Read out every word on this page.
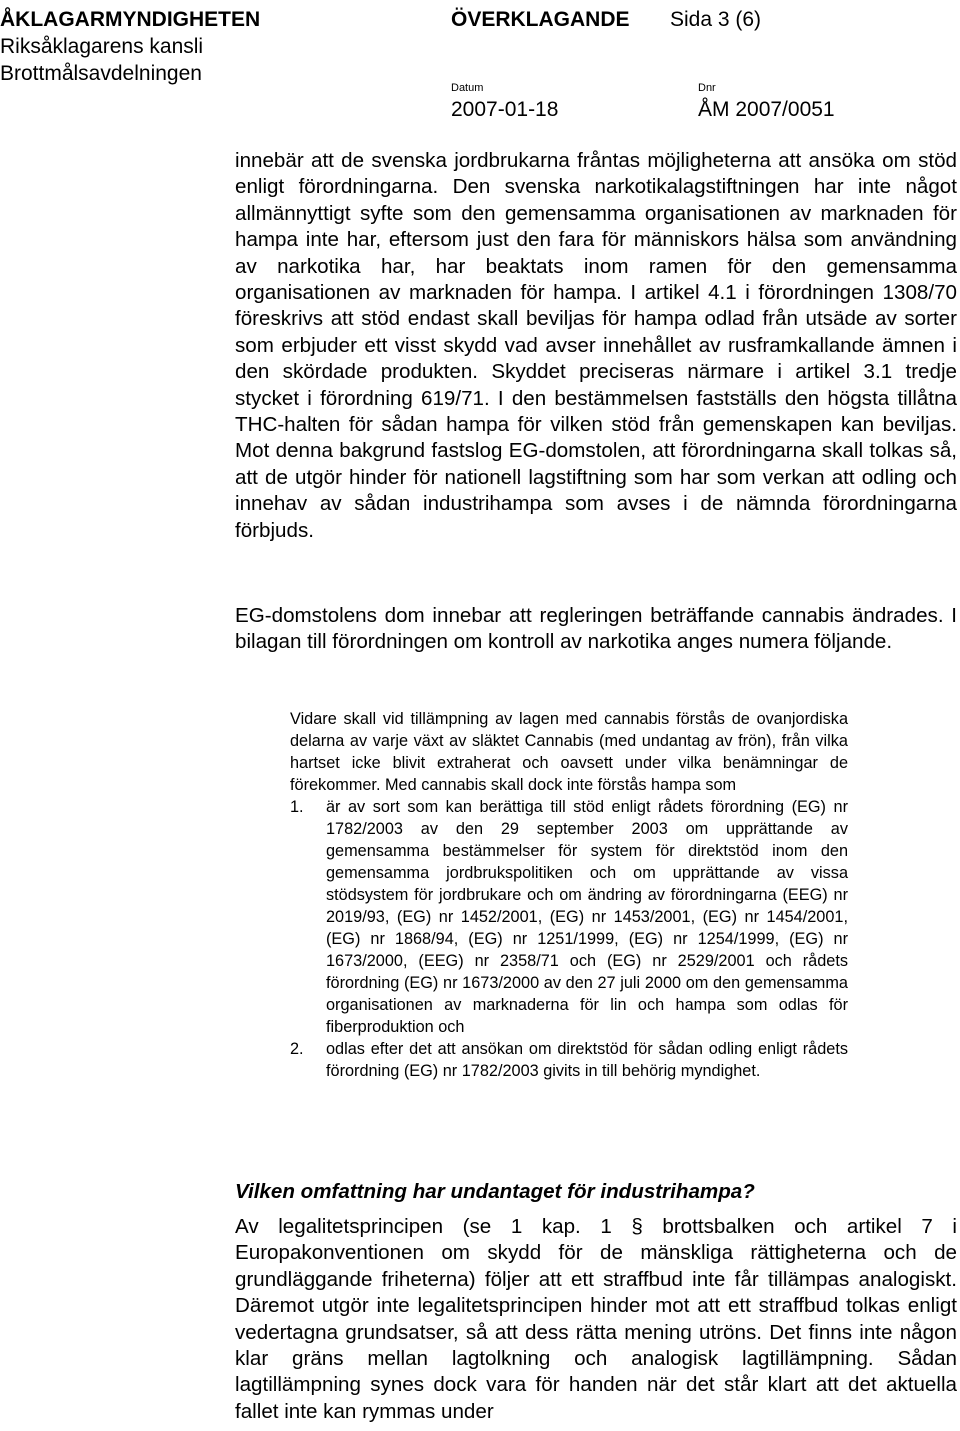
ÅKLAGARMYNDIGHETEN
Riksåklagarens kansli
Brottmålsavdelningen
ÖVERKLAGANDE Sida 3 (6)
Datum	Dnr
2007-01-18	ÅM 2007/0051

innebär att de svenska jordbrukarna fråntas möjligheterna att ansöka om stöd enligt förordningarna. Den svenska narkotikalagstiftningen har inte något allmännyttigt syfte som den gemensamma organisationen av marknaden för hampa inte har, eftersom just den fara för människors hälsa som användning av narkotika har, har beaktats inom ramen för den gemensamma organisationen av marknaden för hampa. I artikel 4.1 i förordningen 1308/70 föreskrivs att stöd endast skall beviljas för hampa odlad från utsäde av sorter som erbjuder ett visst skydd vad avser innehållet av rusframkallande ämnen i den skördade produkten. Skyddet preciseras närmare i artikel 3.1 tredje stycket i förordning 619/71. I den bestämmelsen fastställs den högsta tillåtna THC-halten för sådan hampa för vilken stöd från gemenskapen kan beviljas. Mot denna bakgrund fastslog EG-domstolen, att förordningarna skall tolkas så, att de utgör hinder för nationell lagstiftning som har som verkan att odling och innehav av sådan industrihampa som avses i de nämnda förordningarna förbjuds.

EG-domstolens dom innebar att regleringen beträffande cannabis ändrades. I bilagan till förordningen om kontroll av narkotika anges numera följande.

Vidare skall vid tillämpning av lagen med cannabis förstås de ovanjordiska delarna av varje växt av släktet Cannabis (med undantag av frön), från vilka hartset icke blivit extraherat och oavsett under vilka benämningar de förekommer. Med cannabis skall dock inte förstås hampa som

1. är av sort som kan berättiga till stöd enligt rådets förordning (EG) nr 1782/2003 av den 29 september 2003 om upprättande av gemensamma bestämmelser för system för direktstöd inom den gemensamma jordbrukspolitiken och om upprättande av vissa stödsystem för jordbrukare och om ändring av förordningarna (EEG) nr 2019/93, (EG) nr 1452/2001, (EG) nr 1453/2001, (EG) nr 1454/2001, (EG) nr 1868/94, (EG) nr 1251/1999, (EG) nr 1254/1999, (EG) nr 1673/2000, (EEG) nr 2358/71 och (EG) nr 2529/2001 och rådets förordning (EG) nr 1673/2000 av den 27 juli 2000 om den gemensamma organisationen av marknaderna för lin och hampa som odlas för fiberproduktion och

2. odlas efter det att ansökan om direktstöd för sådan odling enligt rådets förordning (EG) nr 1782/2003 givits in till behörig myndighet.

Vilken omfattning har undantaget för industrihampa?

Av legalitetsprincipen (se 1 kap. 1 § brottsbalken och artikel 7 i Europakonventionen om skydd för de mänskliga rättigheterna och de grundläggande friheterna) följer att ett straffbud inte får tillämpas analogiskt. Däremot utgör inte legalitetsprincipen hinder mot att ett straffbud tolkas enligt vedertagna grundsatser, så att dess rätta mening utröns. Det finns inte någon klar gräns mellan lagtolkning och analogisk lagtillämpning. Sådan lagtillämpning synes dock vara för handen när det står klart att det aktuella fallet inte kan rymmas under
